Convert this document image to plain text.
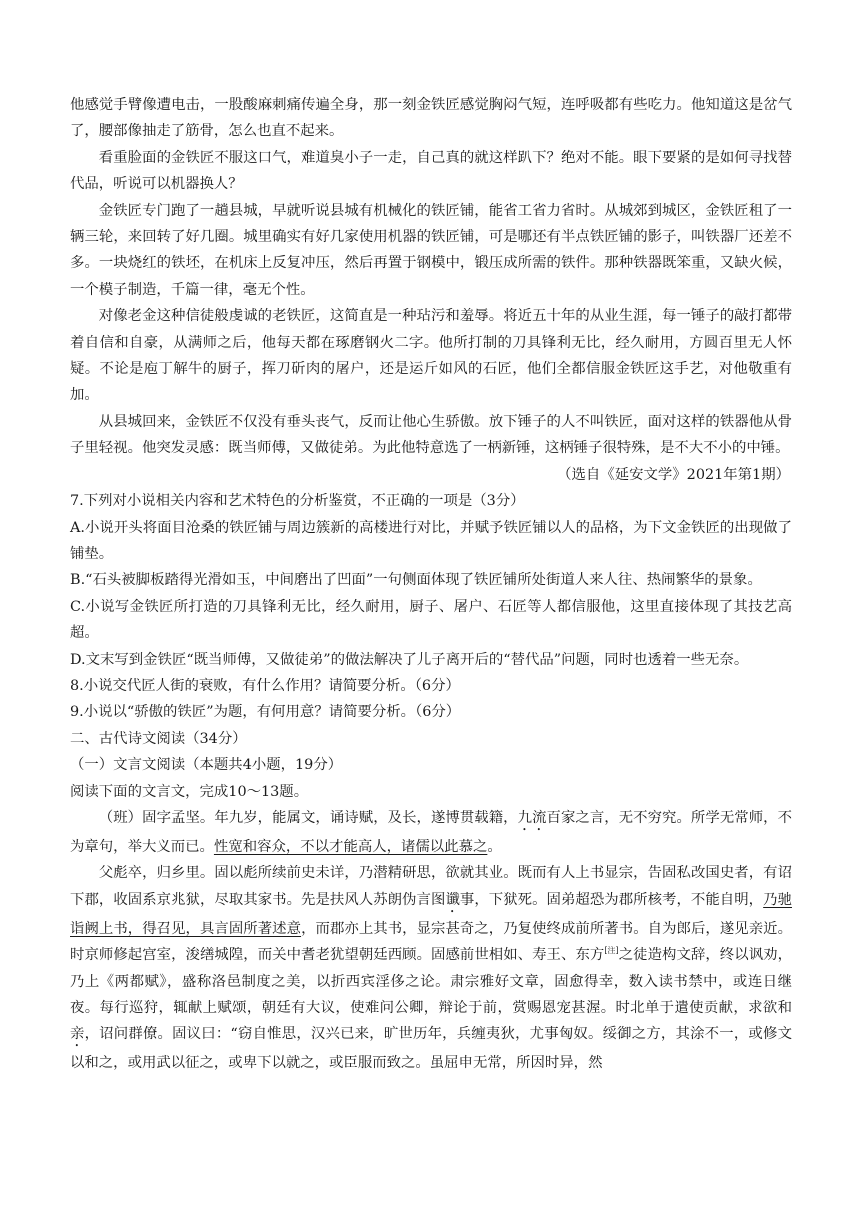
他感觉手臂像遭电击，一股酸麻刺痛传遍全身，那一刻金铁匠感觉胸闷气短，连呼吸都有些吃力。他知道这是岔气了，腰部像抽走了筋骨，怎么也直不起来。

看重脸面的金铁匠不服这口气，难道臭小子一走，自己真的就这样趴下？绝对不能。眼下要紧的是如何寻找替代品，听说可以机器换人？

金铁匠专门跑了一趟县城，早就听说县城有机械化的铁匠铺，能省工省力省时。从城郊到城区，金铁匠租了一辆三轮，来回转了好几圈。城里确实有好几家使用机器的铁匠铺，可是哪还有半点铁匠铺的影子，叫铁器厂还差不多。一块烧红的铁坯，在机床上反复冲压，然后再置于钢模中，锻压成所需的铁件。那种铁器既笨重，又缺火候，一个模子制造，千篇一律，毫无个性。

对像老金这种信徒般虔诚的老铁匠，这简直是一种玷污和羞辱。将近五十年的从业生涯，每一锤子的敲打都带着自信和自豪，从满师之后，他每天都在琢磨钢火二字。他所打制的刀具锋利无比，经久耐用，方圆百里无人怀疑。不论是庖丁解牛的厨子，挥刀斫肉的屠户，还是运斤如风的石匠，他们全都信服金铁匠这手艺，对他敬重有加。

从县城回来，金铁匠不仅没有垂头丧气，反而让他心生骄傲。放下锤子的人不叫铁匠，面对这样的铁器他从骨子里轻视。他突发灵感：既当师傅，又做徒弟。为此他特意选了一柄新锤，这柄锤子很特殊，是不大不小的中锤。

（选自《延安文学》2021年第1期）

7.下列对小说相关内容和艺术特色的分析鉴赏，不正确的一项是（3分）

A.小说开头将面目沧桑的铁匠铺与周边簇新的高楼进行对比，并赋予铁匠铺以人的品格，为下文金铁匠的出现做了铺垫。

B.“石头被脚板踏得光滑如玉，中间磨出了凹面”一句侧面体现了铁匠铺所处街道人来人往、热闹繁华的景象。

C.小说写金铁匠所打造的刀具锋利无比，经久耐用，厨子、屠户、石匠等人都信服他，这里直接体现了其技艺高超。

D.文末写到金铁匠“既当师傅，又做徒弟”的做法解决了儿子离开后的“替代品”问题，同时也透着一些无奈。

8.小说交代匠人街的衰败，有什么作用？请简要分析。（6分）

9.小说以“骄傲的铁匠”为题，有何用意？请简要分析。（6分）

二、古代诗文阅读（34分）

（一）文言文阅读（本题共4小题，19分）

阅读下面的文言文，完成10～13题。

（班）固字孟坚。年九岁，能属文，诵诗赋，及长，遂博贯载籍，九流百家之言，无不穷究。所学无常师，不为章句，举大义而已。性宽和容众，不以才能高人，诸儒以此慕之。

父彪卒，归乡里。固以彪所续前史未详，乃潜精研思，欲就其业。既而有人上书显宗，告固私改国史者，有诏下郡，收固系京兆狱，尽取其家书。先是扶风人苏朗伪言图谶事，下狱死。固弟超恐为郡所核考，不能自明，乃驰诣阙上书，得召见，具言固所著述意，而郡亦上其书，显宗甚奇之，乃复使终成前所著书。自为郎后，遂见亲近。时京师修起宫室，浚缮城隍，而关中耆老犹望朝廷西顾。固感前世相如、寿王、东方[注]之徒造构文辞，终以讽劝，乃上《两都赋》，盛称洛邑制度之美，以折西宾淫侈之论。肃宗雅好文章，固愈得幸，数入读书禁中，或连日继夜。每行巡狩，辄献上赋颂，朝廷有大议，使难问公卿，辩论于前，赏赐恩宠甚渥。时北单于遣使贡献，求欲和亲，诏问群僚。固议曰：“窃自惟思，汉兴已来，旷世历年，兵缠夷狄，尤事匈奴。绥御之方，其涂不一，或修文以和之，或用武以征之，或卑下以就之，或臣服而致之。虽屈申无常，所因时异，然
